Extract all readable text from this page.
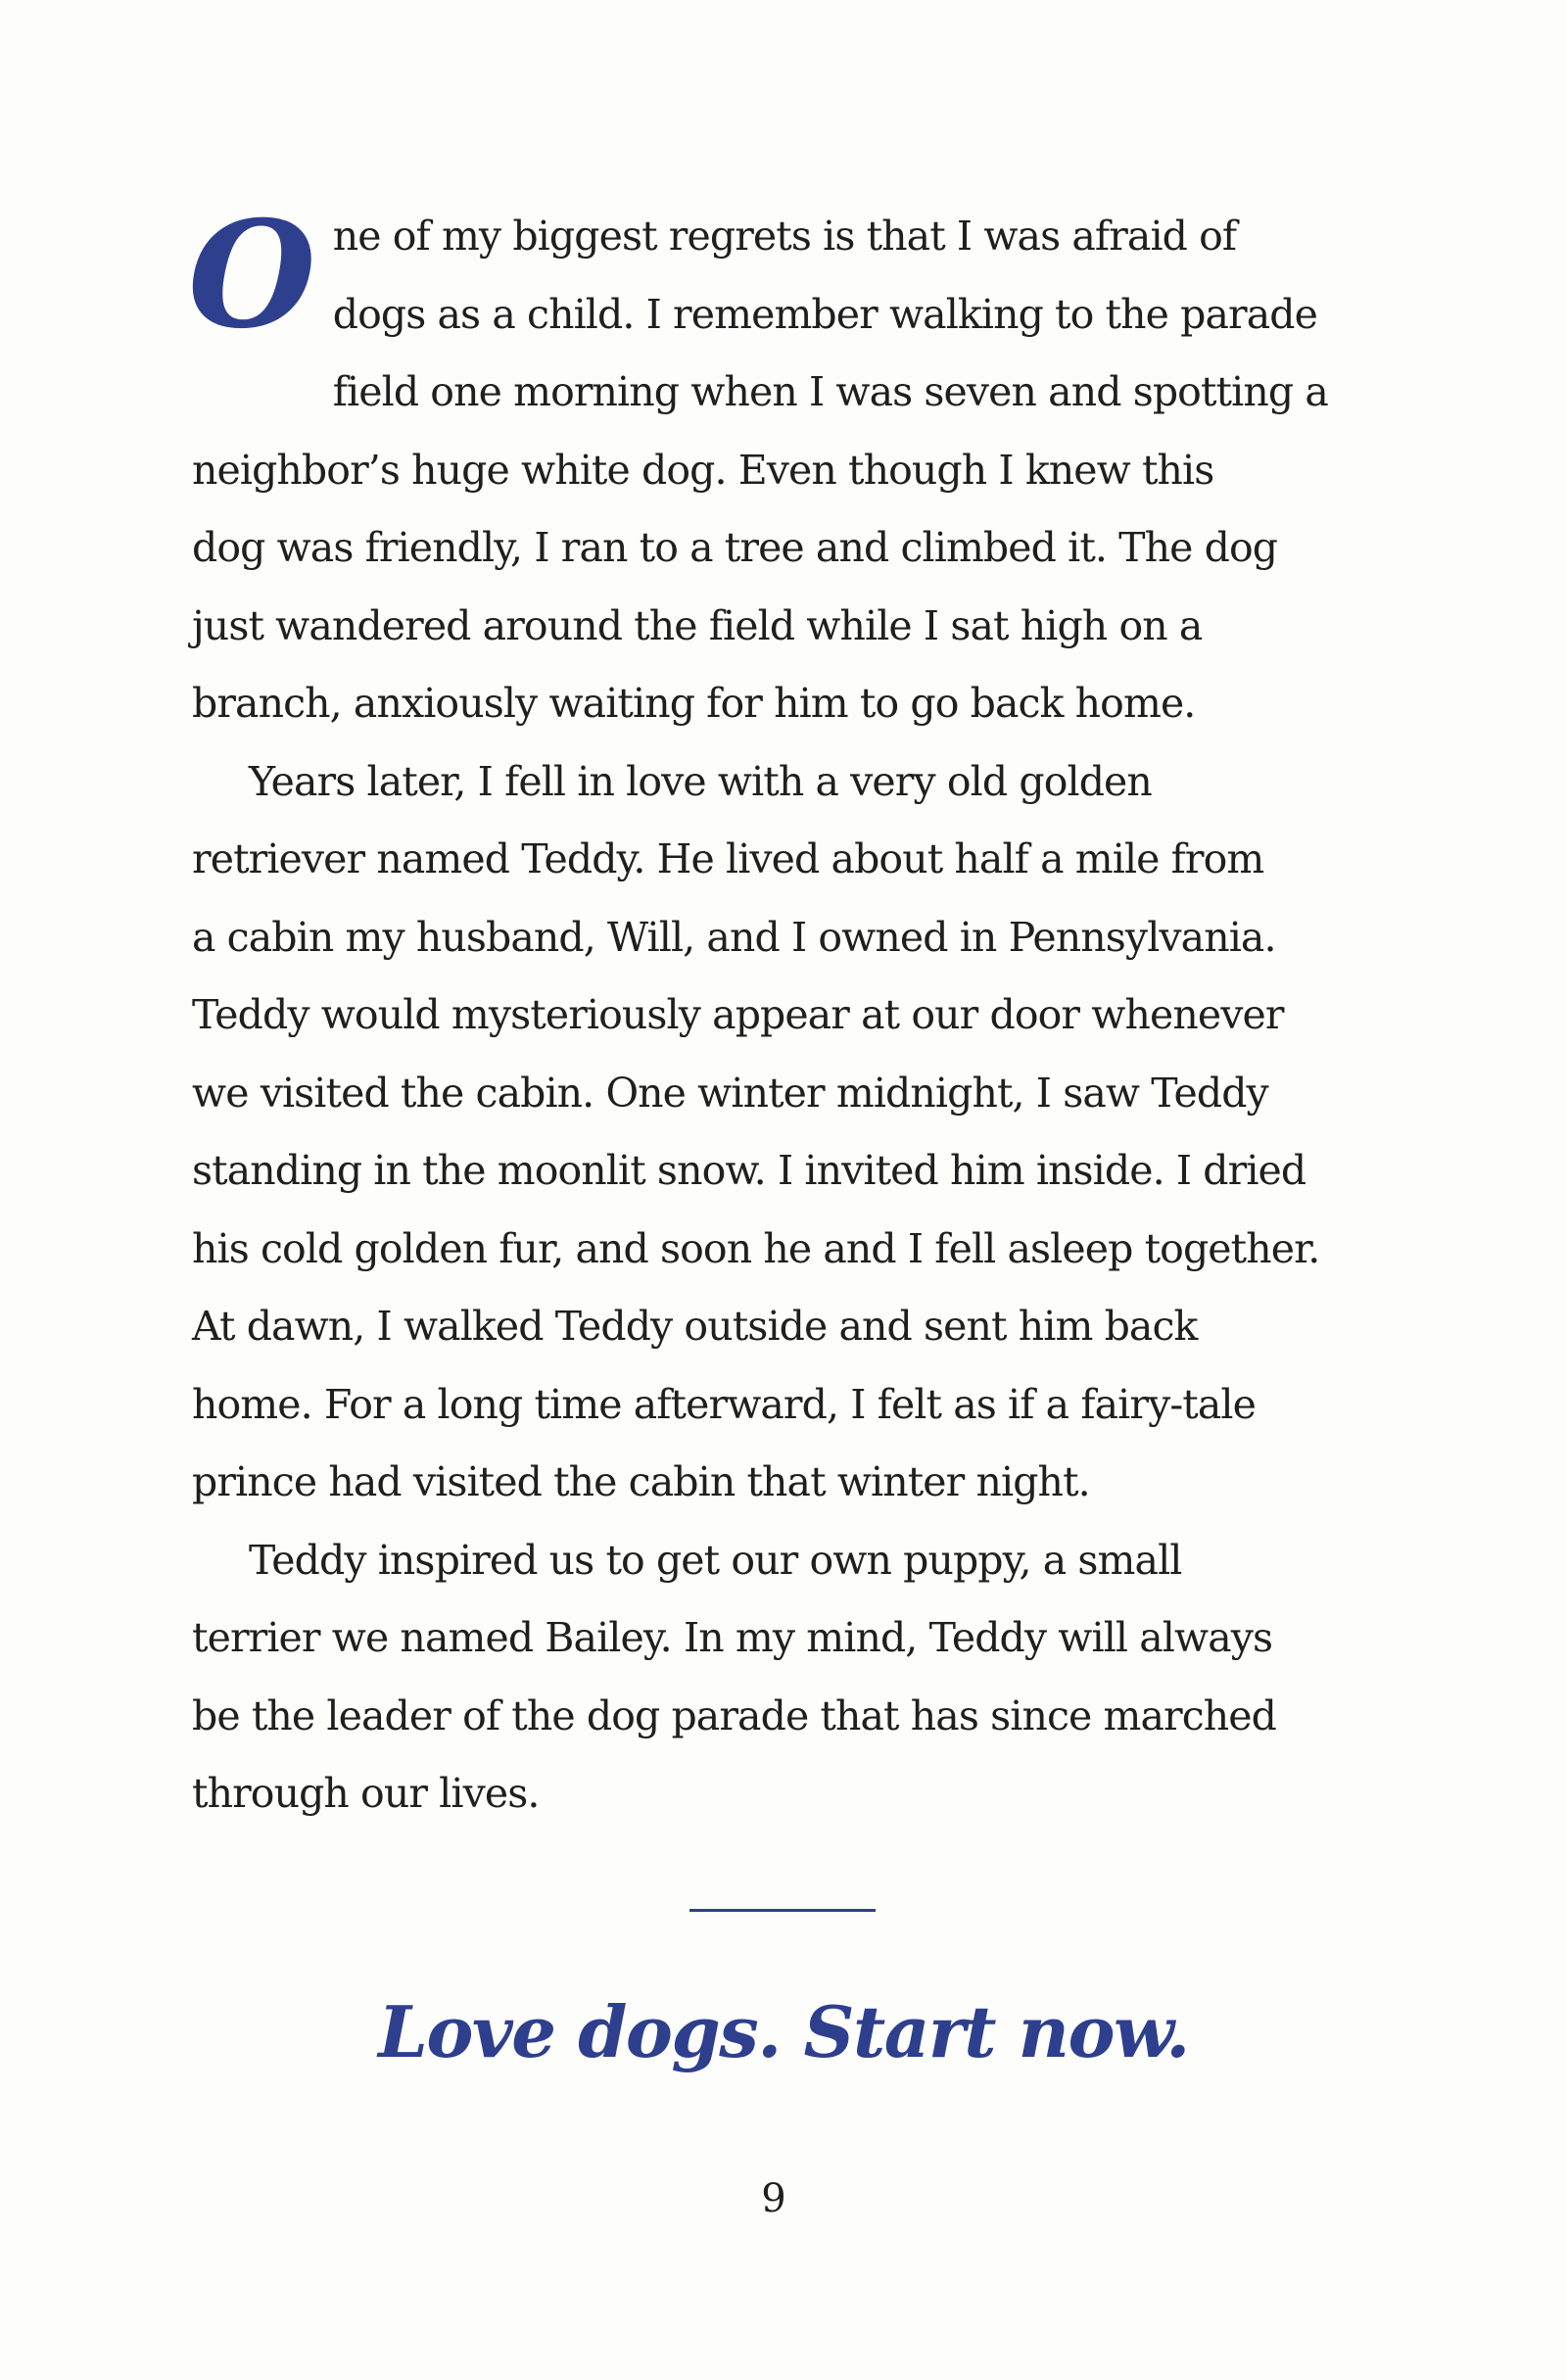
O ne of my biggest regrets is that I was afraid of
dogs as a child. I remember walking to the parade
field one morning when I was seven and spotting a
neighbor’s huge white dog. Even though I knew this
dog was friendly, I ran to a tree and climbed it. The dog
just wandered around the field while I sat high on a
branch, anxiously waiting for him to go back home.

Years later, I fell in love with a very old golden
retriever named Teddy. He lived about half a mile from
a cabin my husband, Will, and I owned in Pennsylvania.
Teddy would mysteriously appear at our door whenever
we visited the cabin. One winter midnight, I saw Teddy
standing in the moonlit snow. I invited him inside. I dried
his cold golden fur, and soon he and I fell asleep together.
At dawn, I walked Teddy outside and sent him back
home. For a long time afterward, I felt as if a fairy-tale
prince had visited the cabin that winter night.

Teddy inspired us to get our own puppy, a small
terrier we named Bailey. In my mind, Teddy will always
be the leader of the dog parade that has since marched
through our lives.

Love dogs. Start now.
9
